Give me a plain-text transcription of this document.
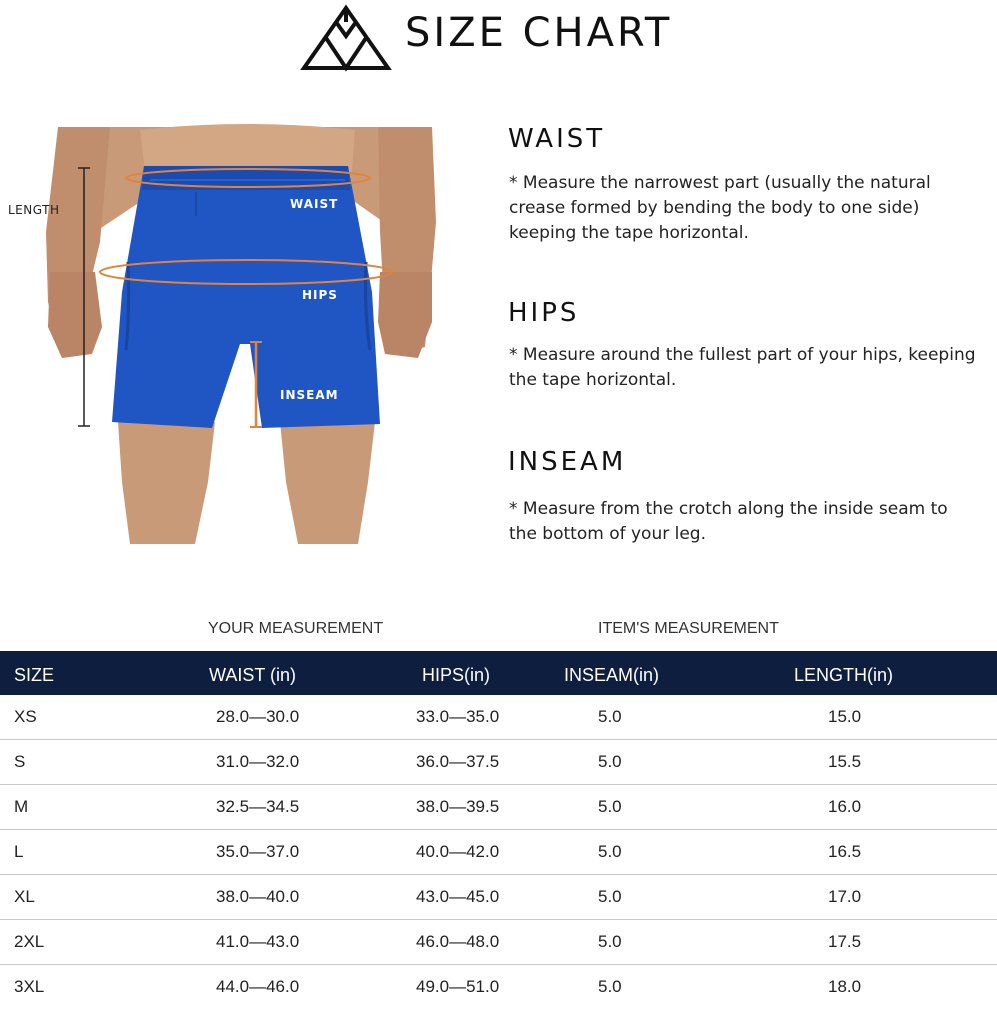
SIZE CHART
LENGTH	WAIST
HIPS
INSEAM
WAIST
* Measure the narrowest part (usually the natural crease formed by bending the body to one side) keeping the tape horizontal.
HIPS
* Measure around the fullest part of your hips, keeping the tape horizontal.
INSEAM
* Measure from the crotch along the inside seam to the bottom of your leg.
YOUR MEASUREMENT	ITEM'S MEASUREMENT
SIZE	WAIST (in)	HIPS(in)	INSEAM(in)	LENGTH(in)
XS	28.0—30.0	33.0—35.0	5.0	15.0
S	31.0—32.0	36.0—37.5	5.0	15.5
M	32.5—34.5	38.0—39.5	5.0	16.0
L	35.0—37.0	40.0—42.0	5.0	16.5
XL	38.0—40.0	43.0—45.0	5.0	17.0
2XL	41.0—43.0	46.0—48.0	5.0	17.5
3XL	44.0—46.0	49.0—51.0	5.0	18.0
